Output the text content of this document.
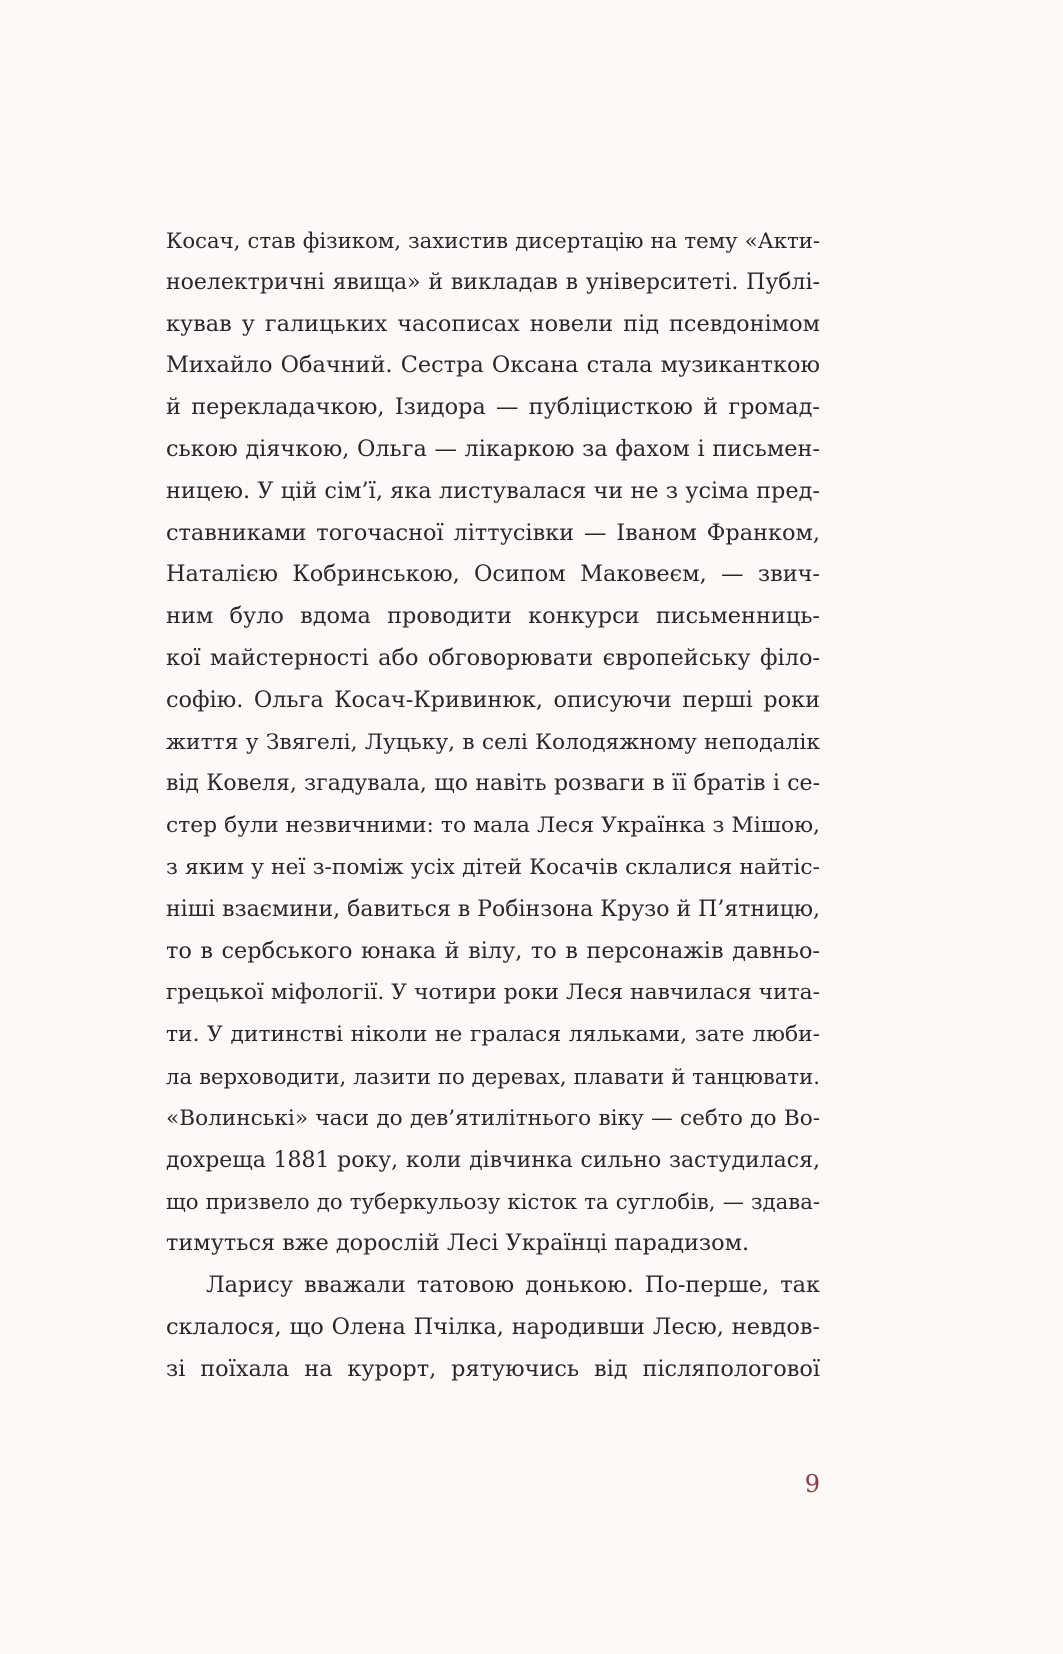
Косач, став фізиком, захистив дисертацію на тему «Акти-
ноелектричні явища» й викладав в університеті. Публі-
кував у галицьких часописах новели під псевдонімом
Михайло Обачний. Сестра Оксана стала музиканткою
й перекладачкою, Ізидора — публіцисткою й громад-
ською діячкою, Ольга — лікаркою за фахом і письмен-
ницею. У цій сім’ї, яка листувалася чи не з усіма пред-
ставниками тогочасної літтусівки — Іваном Франком,
Наталією Кобринською, Осипом Маковеєм, — звич-
ним було вдома проводити конкурси письменниць-
кої майстерності або обговорювати європейську філо-
софію. Ольга Косач-Кривинюк, описуючи перші роки
життя у Звягелі, Луцьку, в селі Колодяжному неподалік
від Ковеля, згадувала, що навіть розваги в її братів і се-
стер були незвичними: то мала Леся Українка з Мішою,
з яким у неї з-поміж усіх дітей Косачів склалися найтіс-
ніші взаємини, бавиться в Робінзона Крузо й П’ятницю,
то в сербського юнака й вілу, то в персонажів давньо-
грецької міфології. У чотири роки Леся навчилася чита-
ти. У дитинстві ніколи не гралася ляльками, зате люби-
ла верховодити, лазити по деревах, плавати й танцювати.
«Волинські» часи до дев’ятилітнього віку — себто до Во-
дохреща 1881 року, коли дівчинка сильно застудилася,
що призвело до туберкульозу кісток та суглобів, — здава-
тимуться вже дорослій Лесі Українці парадизом.
Ларису вважали татовою донькою. По-перше, так
склалося, що Олена Пчілка, народивши Лесю, невдов-
зі поїхала на курорт, рятуючись від післяпологової
9
